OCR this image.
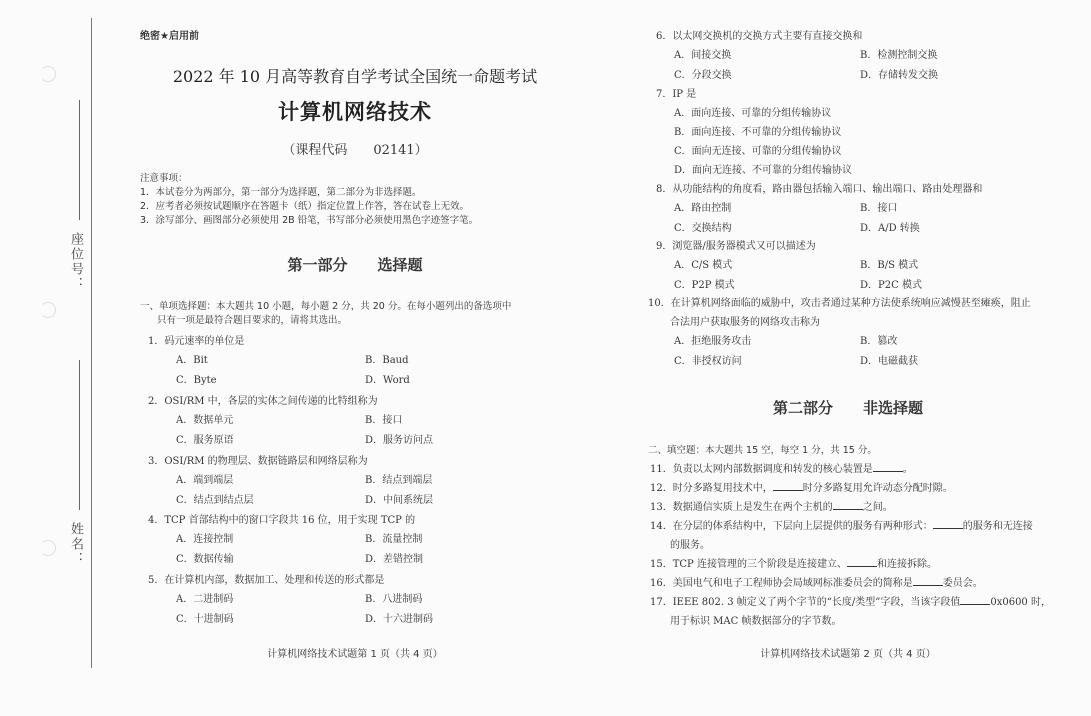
座位号：
姓名：
绝密★启用前
2022 年 10 月高等教育自学考试全国统一命题考试
计算机网络技术
（课程代码 02141）
注意事项：
1．本试卷分为两部分，第一部分为选择题，第二部分为非选择题。
2．应考者必须按试题顺序在答题卡（纸）指定位置上作答，答在试卷上无效。
3．涂写部分、画图部分必须使用 2B 铅笔，书写部分必须使用黑色字迹签字笔。
第一部分 选择题
一、单项选择题：本大题共 10 小题，每小题 2 分，共 20 分。在每小题列出的备选项中
只有一项是最符合题目要求的，请将其选出。
1．码元速率的单位是
A．Bit	B．Baud
C．Byte	D．Word
2．OSI/RM 中，各层的实体之间传递的比特组称为
A．数据单元	B．接口
C．服务原语	D．服务访问点
3．OSI/RM 的物理层、数据链路层和网络层称为
A．端到端层	B．结点到端层
C．结点到结点层	D．中间系统层
4．TCP 首部结构中的窗口字段共 16 位，用于实现 TCP 的
A．连接控制	B．流量控制
C．数据传输	D．差错控制
5．在计算机内部，数据加工、处理和传送的形式都是
A．二进制码	B．八进制码
C．十进制码	D．十六进制码
计算机网络技术试题第 1 页（共 4 页）
6．以太网交换机的交换方式主要有直接交换和
A．间接交换	B．检测控制交换
C．分段交换	D．存储转发交换
7．IP 是
A．面向连接、可靠的分组传输协议
B．面向连接、不可靠的分组传输协议
C．面向无连接、可靠的分组传输协议
D．面向无连接、不可靠的分组传输协议
8．从功能结构的角度看，路由器包括输入端口、输出端口、路由处理器和
A．路由控制	B．接口
C．交换结构	D．A/D 转换
9．浏览器/服务器模式又可以描述为
A．C/S 模式	B．B/S 模式
C．P2P 模式	D．P2C 模式
10．在计算机网络面临的威胁中，攻击者通过某种方法使系统响应减慢甚至瘫痪，阻止
合法用户获取服务的网络攻击称为
A．拒绝服务攻击	B．篡改
C．非授权访问	D．电磁截获
第二部分 非选择题
二、填空题：本大题共 15 空，每空 1 分，共 15 分。
11．负责以太网内部数据调度和转发的核心装置是	。
12．时分多路复用技术中，	时分多路复用允许动态分配时隙。
13．数据通信实质上是发生在两个主机的	之间。
14．在分层的体系结构中，下层向上层提供的服务有两种形式：	的服务和无连接
的服务。
15．TCP 连接管理的三个阶段是连接建立、	和连接拆除。
16．美国电气和电子工程师协会局域网标准委员会的简称是	委员会。
17．IEEE 802. 3 帧定义了两个字节的“长度/类型”字段，当该字段值	0x0600 时，
用于标识 MAC 帧数据部分的字节数。
计算机网络技术试题第 2 页（共 4 页）
